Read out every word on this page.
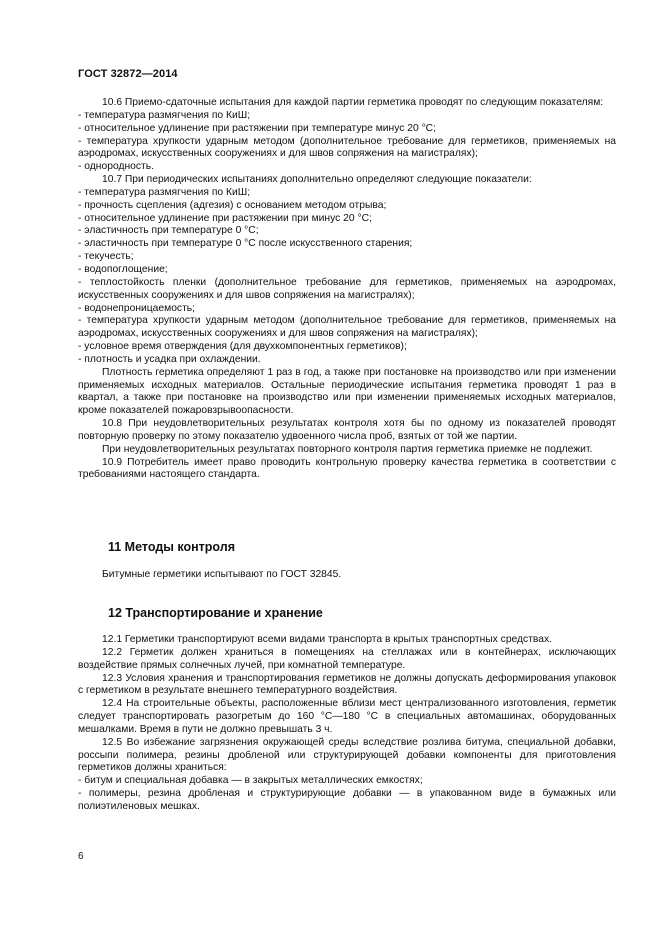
ГОСТ 32872—2014

10.6 Приемо-сдаточные испытания для каждой партии герметика проводят по следующим показателям:

- температура размягчения по КиШ;

- относительное удлинение при растяжении при температуре минус 20 °С;

- температура хрупкости ударным методом (дополнительное требование для герметиков, применяемых на аэродромах, искусственных сооружениях и для швов сопряжения на магистралях);

- однородность.

10.7 При периодических испытаниях дополнительно определяют следующие показатели:

- температура размягчения по КиШ;

- прочность сцепления (адгезия) с основанием методом отрыва;

- относительное удлинение при растяжении при минус 20 °С;

- эластичность при температуре 0 °С;

- эластичность при температуре 0 °С после искусственного старения;

- текучесть;

- водопоглощение;

- теплостойкость пленки (дополнительное требование для герметиков, применяемых на аэродромах, искусственных сооружениях и для швов сопряжения на магистралях);

- водонепроницаемость;

- температура хрупкости ударным методом (дополнительное требование для герметиков, применяемых на аэродромах, искусственных сооружениях и для швов сопряжения на магистралях);

- условное время отверждения (для двухкомпонентных герметиков);

- плотность и усадка при охлаждении.

Плотность герметика определяют 1 раз в год, а также при постановке на производство или при изменении применяемых исходных материалов. Остальные периодические испытания герметика проводят 1 раз в квартал, а также при постановке на производство или при изменении применяемых исходных материалов, кроме показателей пожаровзрывоопасности.

10.8 При неудовлетворительных результатах контроля хотя бы по одному из показателей проводят повторную проверку по этому показателю удвоенного числа проб, взятых от той же партии.

При неудовлетворительных результатах повторного контроля партия герметика приемке не подлежит.

10.9 Потребитель имеет право проводить контрольную проверку качества герметика в соответствии с требованиями настоящего стандарта.

11 Методы контроля

Битумные герметики испытывают по ГОСТ 32845.

12 Транспортирование и хранение

12.1 Герметики транспортируют всеми видами транспорта в крытых транспортных средствах.

12.2 Герметик должен храниться в помещениях на стеллажах или в контейнерах, исключающих воздействие прямых солнечных лучей, при комнатной температуре.

12.3 Условия хранения и транспортирования герметиков не должны допускать деформирования упаковок с герметиком в результате внешнего температурного воздействия.

12.4 На строительные объекты, расположенные вблизи мест централизованного изготовления, герметик следует транспортировать разогретым до 160 °С—180 °С в специальных автомашинах, оборудованных мешалками. Время в пути не должно превышать 3 ч.

12.5 Во избежание загрязнения окружающей среды вследствие розлива битума, специальной добавки, россыпи полимера, резины дробленой или структурирующей добавки компоненты для приготовления герметиков должны храниться:

- битум и специальная добавка — в закрытых металлических емкостях;

- полимеры, резина дробленая и структурирующие добавки — в упакованном виде в бумажных или полиэтиленовых мешках.

6
